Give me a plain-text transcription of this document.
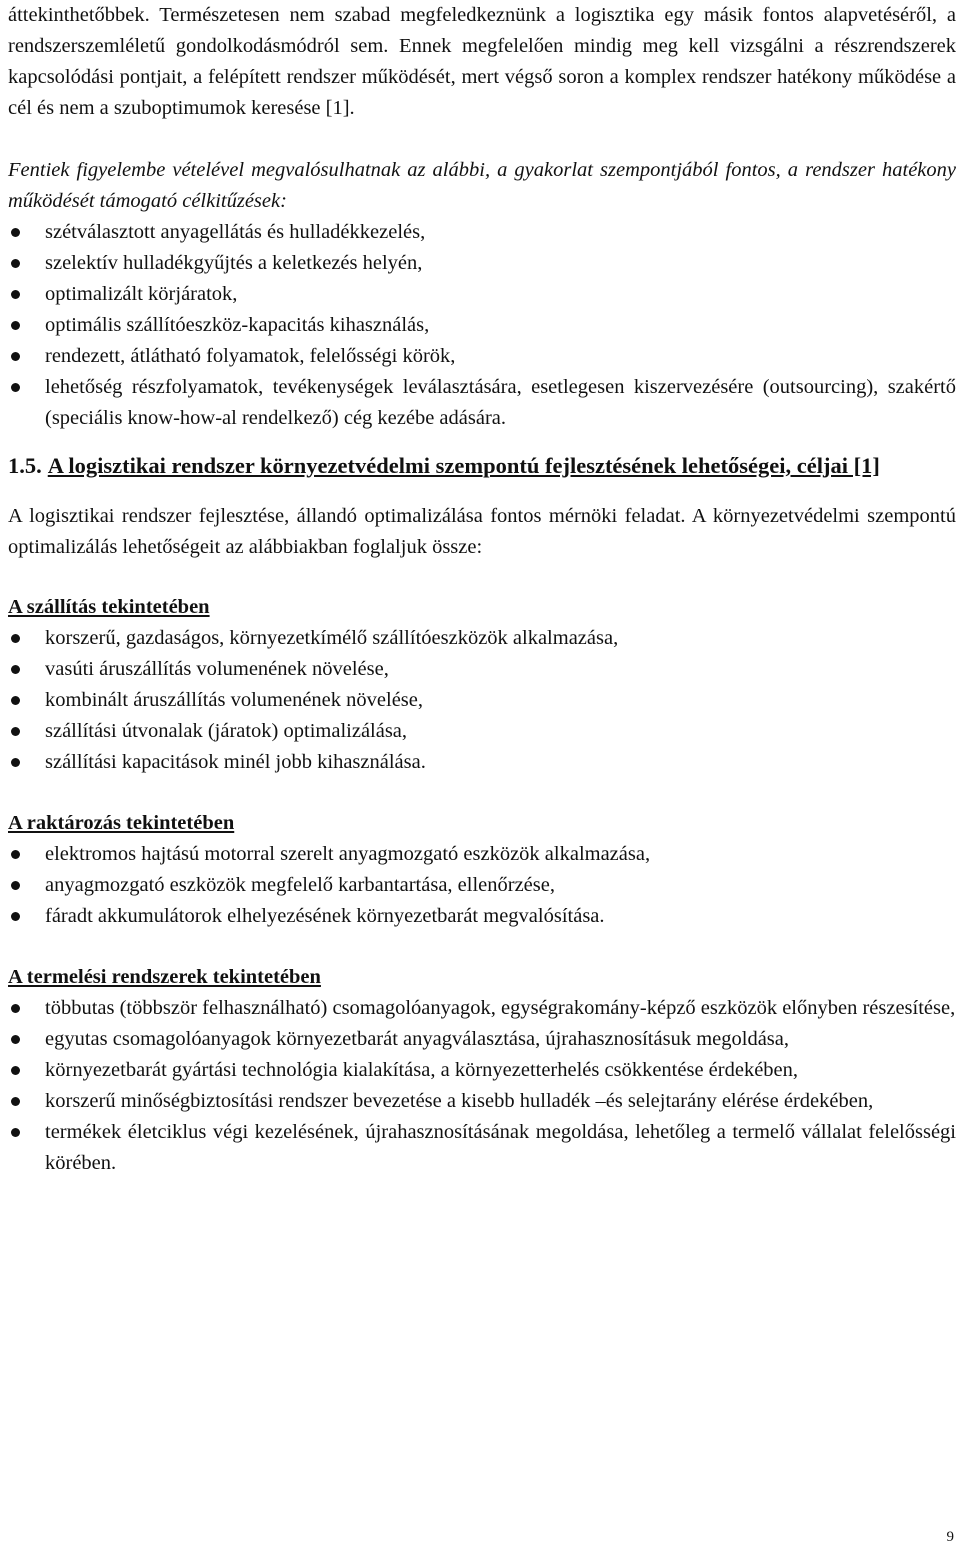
áttekinthetőbbek. Természetesen nem szabad megfeledkeznünk a logisztika egy másik fontos alapvetéséről, a rendszerszemléletű gondolkodásmódról sem. Ennek megfelelően mindig meg kell vizsgálni a részrendszerek kapcsolódási pontjait, a felépített rendszer működését, mert végső soron a komplex rendszer hatékony működése a cél és nem a szuboptimumok keresése [1].

Fentiek figyelembe vételével megvalósulhatnak az alábbi, a gyakorlat szempontjából fontos, a rendszer hatékony működését támogató célkitűzések:

szétválasztott anyagellátás és hulladékkezelés,
szelektív hulladékgyűjtés a keletkezés helyén,
optimalizált körjáratok,
optimális szállítóeszköz-kapacitás kihasználás,
rendezett, átlátható folyamatok, felelősségi körök,
lehetőség részfolyamatok, tevékenységek leválasztására, esetlegesen kiszervezésére (outsourcing), szakértő (speciális know-how-al rendelkező) cég kezébe adására.
1.5. A logisztikai rendszer környezetvédelmi szempontú fejlesztésének lehetőségei, céljai [1]

A logisztikai rendszer fejlesztése, állandó optimalizálása fontos mérnöki feladat. A környezetvédelmi szempontú optimalizálás lehetőségeit az alábbiakban foglaljuk össze:

A szállítás tekintetében
korszerű, gazdaságos, környezetkímélő szállítóeszközök alkalmazása,
vasúti áruszállítás volumenének növelése,
kombinált áruszállítás volumenének növelése,
szállítási útvonalak (járatok) optimalizálása,
szállítási kapacitások minél jobb kihasználása.
A raktározás tekintetében
elektromos hajtású motorral szerelt anyagmozgató eszközök alkalmazása,
anyagmozgató eszközök megfelelő karbantartása, ellenőrzése,
fáradt akkumulátorok elhelyezésének környezetbarát megvalósítása.
A termelési rendszerek tekintetében
többutas (többször felhasználható) csomagolóanyagok, egységrakomány-képző eszközök előnyben részesítése,
egyutas csomagolóanyagok környezetbarát anyagválasztása, újrahasznosításuk megoldása,
környezetbarát gyártási technológia kialakítása, a környezetterhelés csökkentése érdekében,
korszerű minőségbiztosítási rendszer bevezetése a kisebb hulladék –és selejtarány elérése érdekében,
termékek életciklus végi kezelésének, újrahasznosításának megoldása, lehetőleg a termelő vállalat felelősségi körében.
9
